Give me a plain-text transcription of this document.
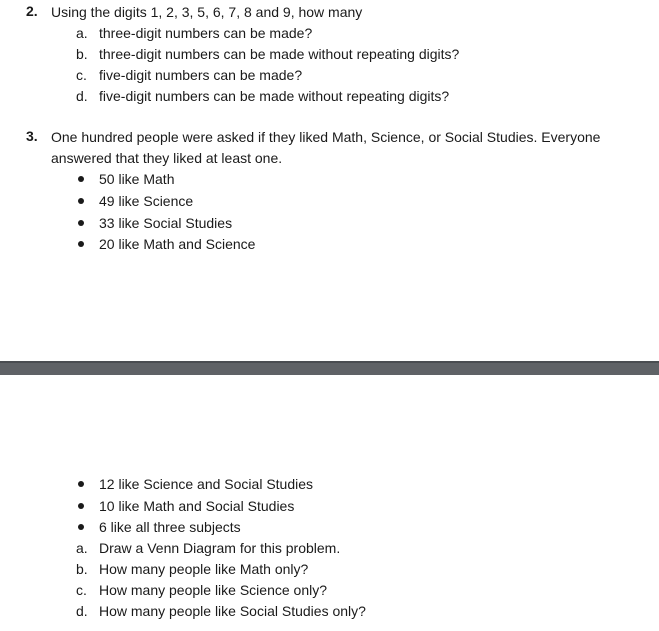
2. Using the digits 1, 2, 3, 5, 6, 7, 8 and 9, how many
a. three-digit numbers can be made?
b. three-digit numbers can be made without repeating digits?
c. five-digit numbers can be made?
d. five-digit numbers can be made without repeating digits?
3. One hundred people were asked if they liked Math, Science, or Social Studies. Everyone
answered that they liked at least one.
50 like Math
49 like Science
33 like Social Studies
20 like Math and Science
12 like Science and Social Studies
10 like Math and Social Studies
6 like all three subjects
a. Draw a Venn Diagram for this problem.
b. How many people like Math only?
c. How many people like Science only?
d. How many people like Social Studies only?
